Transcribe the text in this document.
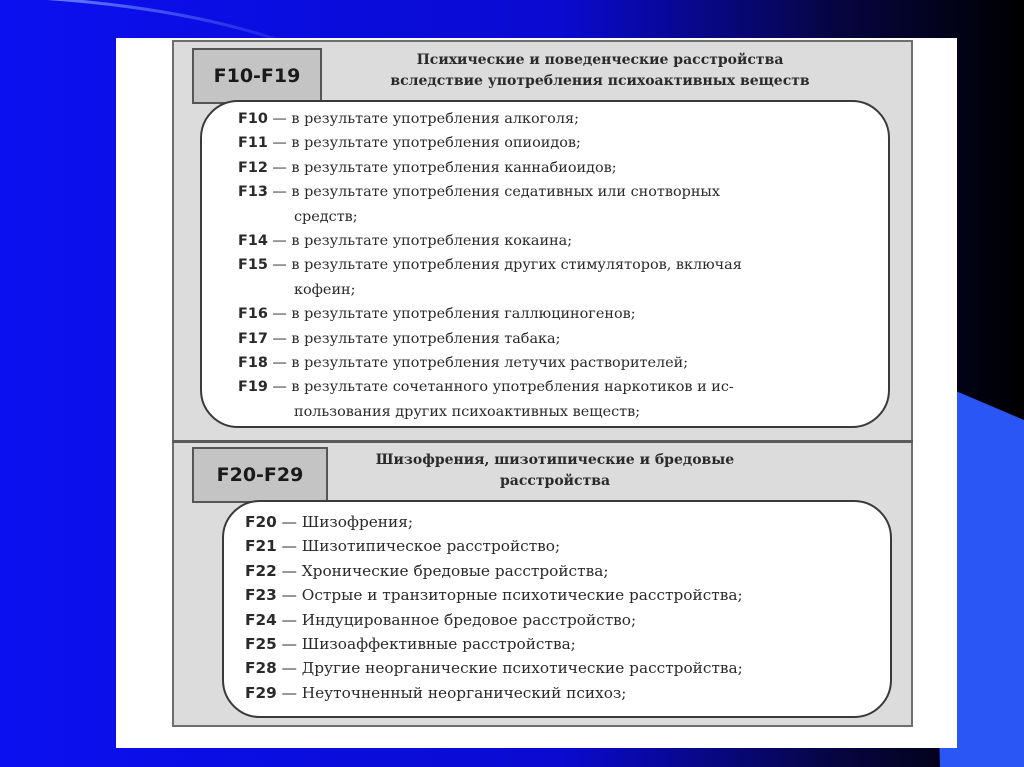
F10-F19
Психические и поведенческие расстройства
вследствие употребления психоактивных веществ
F10 — в результате употребления алкоголя;
F11 — в результате употребления опиоидов;
F12 — в результате употребления каннабиоидов;
F13 — в результате употребления седативных или снотворных
средств;
F14 — в результате употребления кокаина;
F15 — в результате употребления других стимуляторов, включая
кофеин;
F16 — в результате употребления галлюциногенов;
F17 — в результате употребления табака;
F18 — в результате употребления летучих растворителей;
F19 — в результате сочетанного употребления наркотиков и ис-
пользования других психоактивных веществ;
F20-F29
Шизофрения, шизотипические и бредовые
расстройства
F20 — Шизофрения;
F21 — Шизотипическое расстройство;
F22 — Хронические бредовые расстройства;
F23 — Острые и транзиторные психотические расстройства;
F24 — Индуцированное бредовое расстройство;
F25 — Шизоаффективные расстройства;
F28 — Другие неорганические психотические расстройства;
F29 — Неуточненный неорганический психоз;
